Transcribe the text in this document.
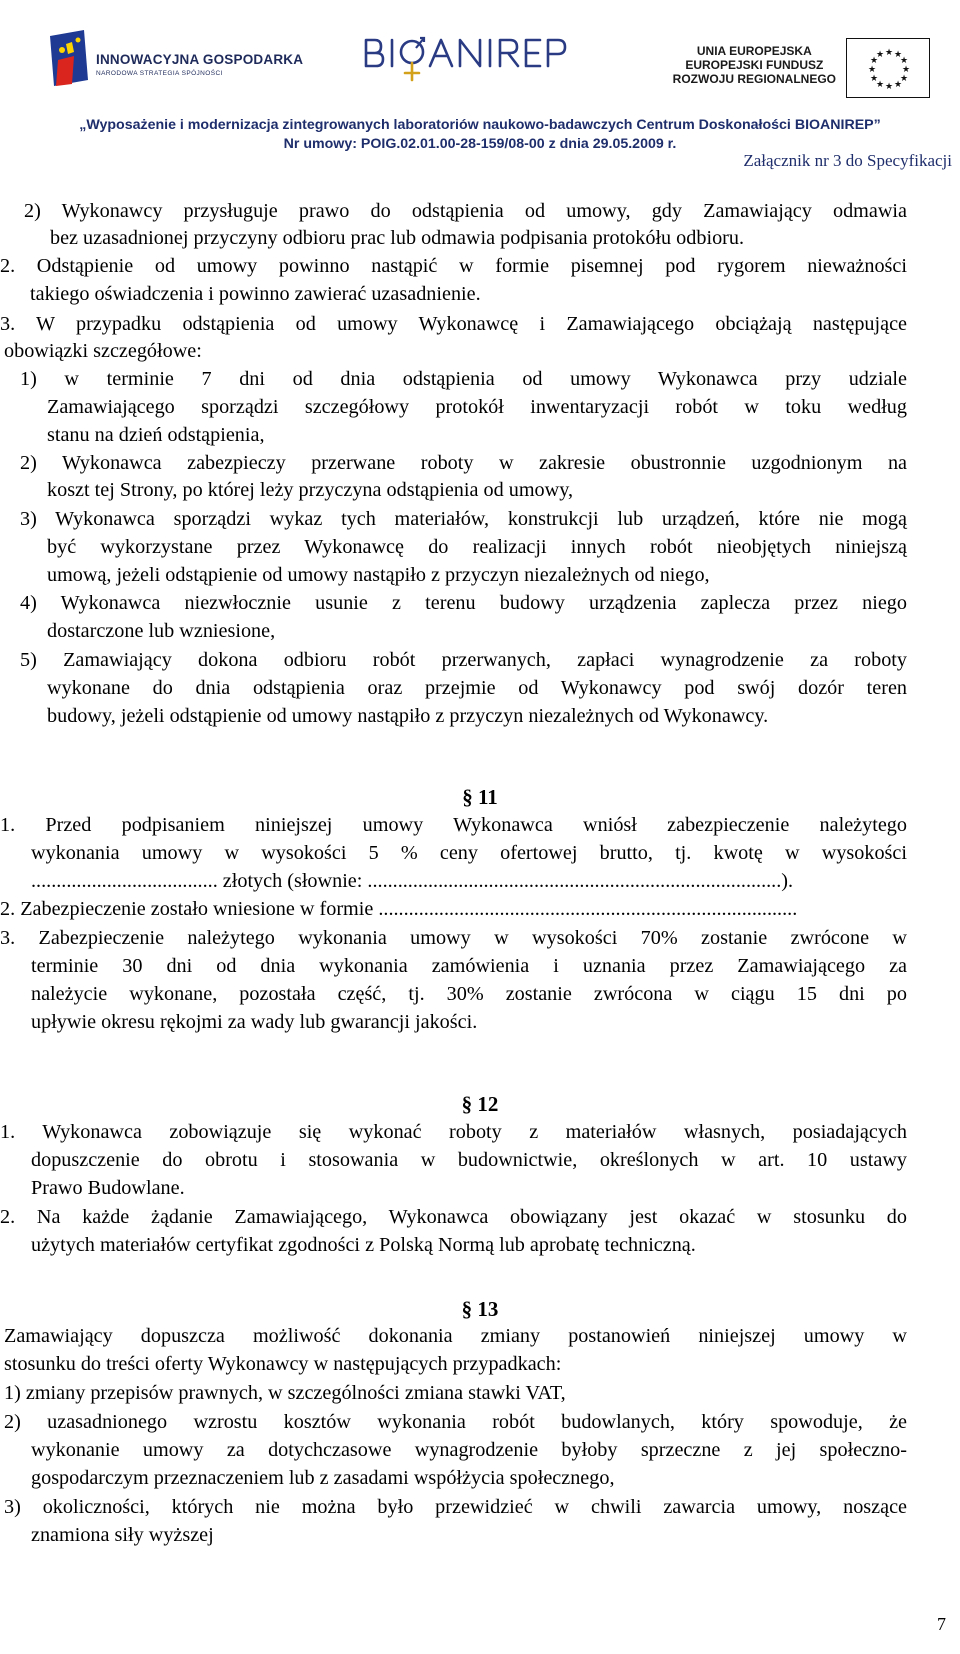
INNOWACYJNA GOSPODARKA
NARODOWA STRATEGIA SPÓJNOŚCI
UNIA EUROPEJSKA
EUROPEJSKI FUNDUSZ
ROZWOJU REGIONALNEGO
★ ★
★
★
★
★
★
★
★
★
★
★
„Wyposażenie i modernizacja zintegrowanych laboratoriów naukowo-badawczych Centrum Doskonałości BIOANIREP”
Nr umowy: POIG.02.01.00-28-159/08-00 z dnia 29.05.2009 r.
Załącznik nr 3 do Specyfikacji
2) Wykonawcy przysługuje prawo do odstąpienia od umowy, gdy Zamawiający odmawia
bez uzasadnionej przyczyny odbioru prac lub odmawia podpisania protokółu odbioru.
2. Odstąpienie od umowy powinno nastąpić w formie pisemnej pod rygorem nieważności
takiego oświadczenia i powinno zawierać uzasadnienie.
3. W przypadku odstąpienia od umowy Wykonawcę i Zamawiającego obciążają następujące
obowiązki szczegółowe:
1) w terminie 7 dni od dnia odstąpienia od umowy Wykonawca przy udziale
Zamawiającego sporządzi szczegółowy protokół inwentaryzacji robót w toku według
stanu na dzień odstąpienia,
2) Wykonawca zabezpieczy przerwane roboty w zakresie obustronnie uzgodnionym na
koszt tej Strony, po której leży przyczyna odstąpienia od umowy,
3) Wykonawca sporządzi wykaz tych materiałów, konstrukcji lub urządzeń, które nie mogą
być wykorzystane przez Wykonawcę do realizacji innych robót nieobjętych niniejszą
umową, jeżeli odstąpienie od umowy nastąpiło z przyczyn niezależnych od niego,
4) Wykonawca niezwłocznie usunie z terenu budowy urządzenia zaplecza przez niego
dostarczone lub wzniesione,
5) Zamawiający dokona odbioru robót przerwanych, zapłaci wynagrodzenie za roboty
wykonane do dnia odstąpienia oraz przejmie od Wykonawcy pod swój dozór teren
budowy, jeżeli odstąpienie od umowy nastąpiło z przyczyn niezależnych od Wykonawcy.
§ 11
1. Przed podpisaniem niniejszej umowy Wykonawca wniósł zabezpieczenie należytego
wykonania umowy w wysokości 5 % ceny ofertowej brutto, tj. kwotę w wysokości
..................................... złotych (słownie: ..................................................................................).
2. Zabezpieczenie zostało wniesione w formie ...................................................................................
3. Zabezpieczenie należytego wykonania umowy w wysokości 70% zostanie zwrócone w
terminie 30 dni od dnia wykonania zamówienia i uznania przez Zamawiającego za
należycie wykonane, pozostała część, tj. 30% zostanie zwrócona w ciągu 15 dni po
upływie okresu rękojmi za wady lub gwarancji jakości.
§ 12
1. Wykonawca zobowiązuje się wykonać roboty z materiałów własnych, posiadających
dopuszczenie do obrotu i stosowania w budownictwie, określonych w art. 10 ustawy
Prawo Budowlane.
2. Na każde żądanie Zamawiającego, Wykonawca obowiązany jest okazać w stosunku do
użytych materiałów certyfikat zgodności z Polską Normą lub aprobatę techniczną.
§ 13
Zamawiający dopuszcza możliwość dokonania zmiany postanowień niniejszej umowy w
stosunku do treści oferty Wykonawcy w następujących przypadkach:
1) zmiany przepisów prawnych, w szczególności zmiana stawki VAT,
2) uzasadnionego wzrostu kosztów wykonania robót budowlanych, który spowoduje, że
wykonanie umowy za dotychczasowe wynagrodzenie byłoby sprzeczne z jej społeczno-
gospodarczym przeznaczeniem lub z zasadami współżycia społecznego,
3) okoliczności, których nie można było przewidzieć w chwili zawarcia umowy, noszące
znamiona siły wyższej
7
